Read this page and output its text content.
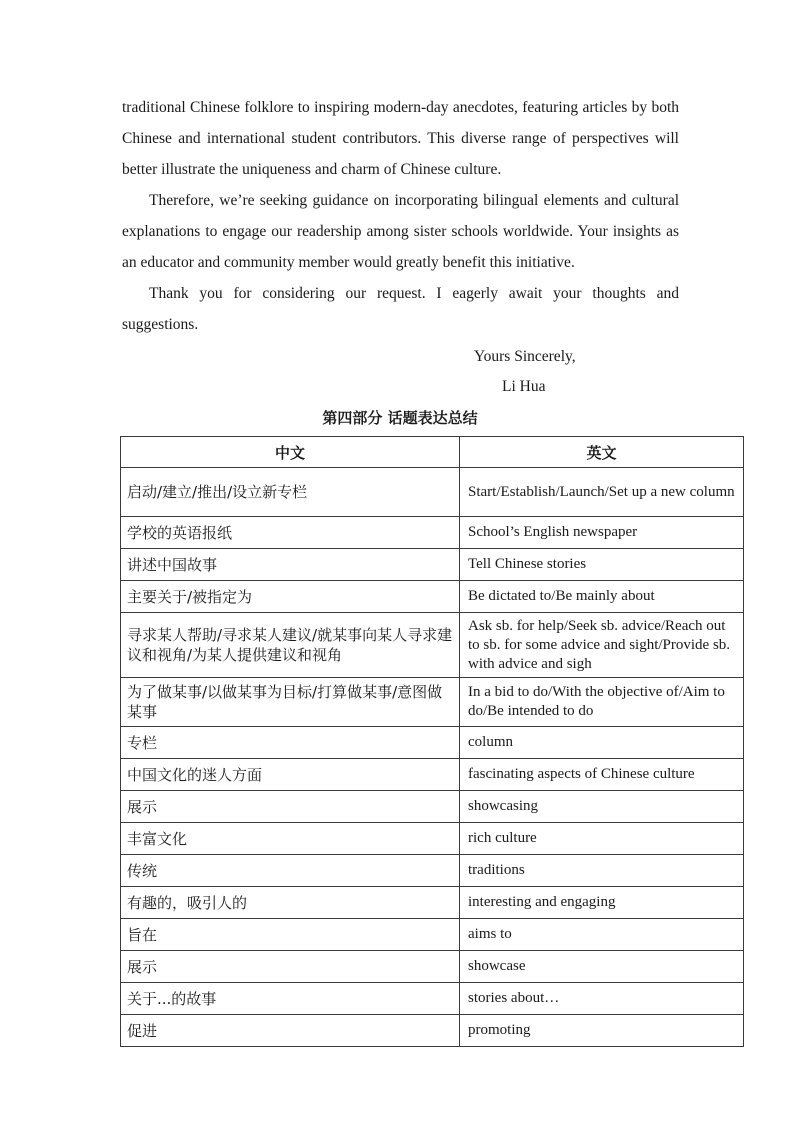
traditional Chinese folklore to inspiring modern-day anecdotes, featuring articles by both Chinese and international student contributors. This diverse range of perspectives will better illustrate the uniqueness and charm of Chinese culture.

Therefore, we’re seeking guidance on incorporating bilingual elements and cultural explanations to engage our readership among sister schools worldwide. Your insights as an educator and community member would greatly benefit this initiative.

Thank you for considering our request. I eagerly await your thoughts and suggestions.

Yours Sincerely,
Li Hua
第四部分 话题表达总结
中文	英文
启动/建立/推出/设立新专栏	Start/Establish/Launch/Set up a new column
学校的英语报纸	School’s English newspaper
讲述中国故事	Tell Chinese stories
主要关于/被指定为	Be dictated to/Be mainly about
寻求某人帮助/寻求某人建议/就某事向某人寻求建议和视角/为某人提供建议和视角	Ask sb. for help/Seek sb. advice/Reach out to sb. for some advice and sight/Provide sb. with advice and sigh
为了做某事/以做某事为目标/打算做某事/意图做某事	In a bid to do/With the objective of/Aim to do/Be intended to do
专栏	column
中国文化的迷人方面	fascinating aspects of Chinese culture
展示	showcasing
丰富文化	rich culture
传统	traditions
有趣的，吸引人的	interesting and engaging
旨在	aims to
展示	showcase
关于...的故事	stories about…
促进	promoting
